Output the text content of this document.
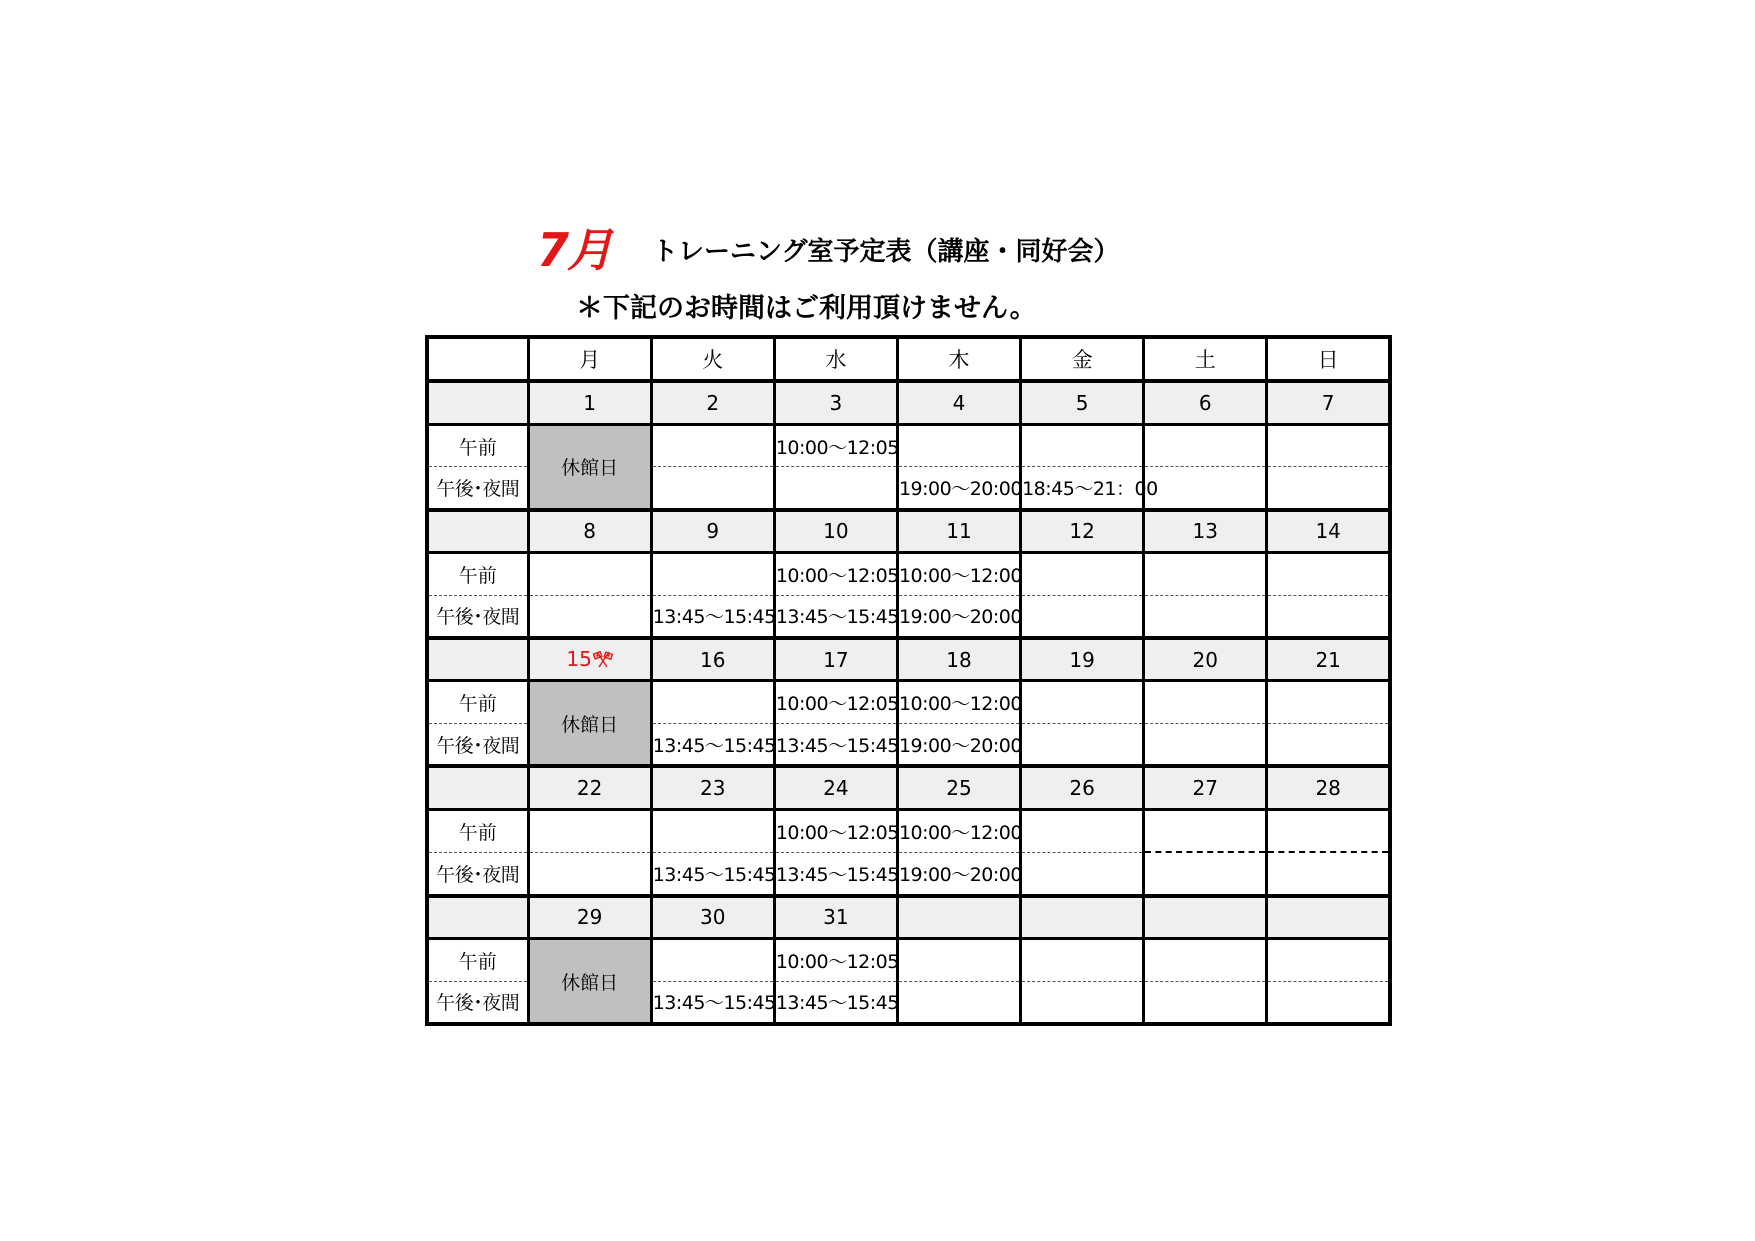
7月 トレーニング室予定表（講座・同好会）
＊下記のお時間はご利用頂けません。
	月	火	水	木	金	土	日
	1	2	3	4	5	6	7
午前	休館日		10:00～12:05				
午後･夜間				19:00～20:00	18:45～21：00		
	8	9	10	11	12	13	14
午前			10:00～12:05	10:00～12:00			
午後･夜間		13:45～15:45	13:45～15:45	19:00～20:00			
	15	16	17	18	19	20	21
午前	休館日		10:00～12:05	10:00～12:00			
午後･夜間		13:45～15:45	13:45～15:45	19:00～20:00			
	22	23	24	25	26	27	28
午前			10:00～12:05	10:00～12:00			
午後･夜間		13:45～15:45	13:45～15:45	19:00～20:00			
	29	30	31				
午前	休館日		10:00～12:05				
午後･夜間		13:45～15:45	13:45～15:45				
